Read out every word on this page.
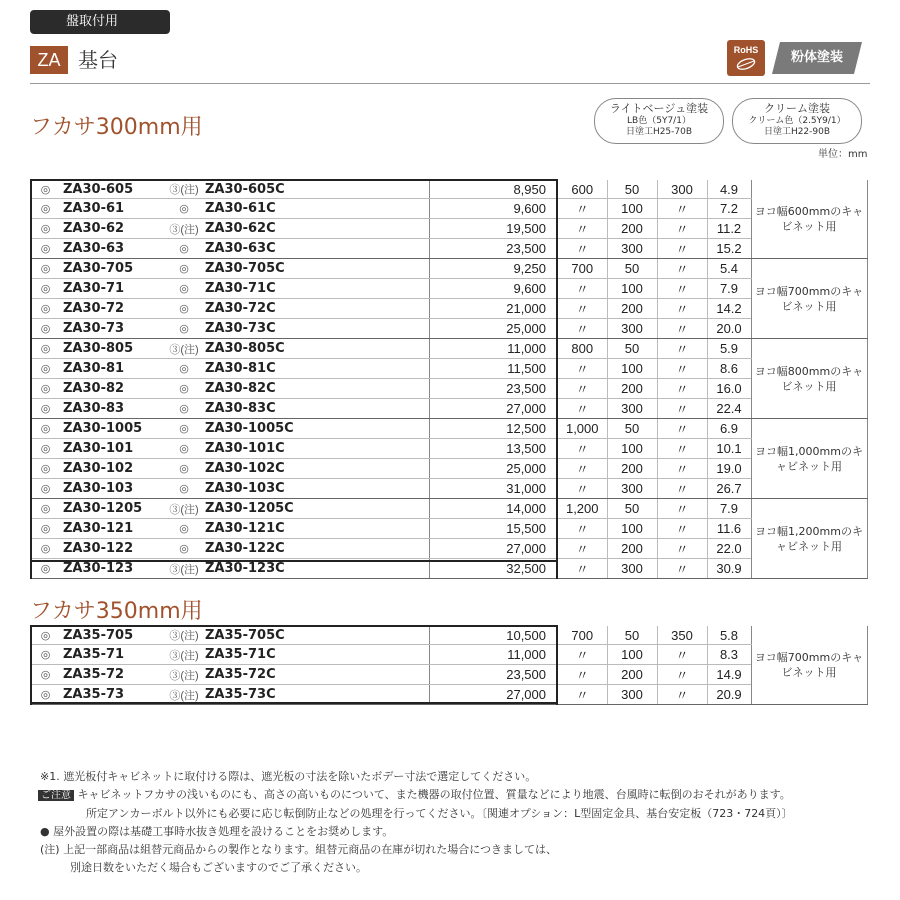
盤取付用
ZA 基台	RoHS	粉体塗装
フカサ300mm用
ライトベージュ塗装
LB色（5Y7/1）
日塗工H25-70B
クリーム塗装
クリーム色（2.5Y9/1）
日塗工H22-90B
単位：mm
◎	ZA30-605	③(注)	ZA30-605C	8,950	600	50	300	4.9	ヨコ幅600mmのキャビネット用
◎	ZA30-61	◎	ZA30-61C	9,600	〃	100	〃	7.2	
◎	ZA30-62	③(注)	ZA30-62C	19,500	〃	200	〃	11.2	
◎	ZA30-63	◎	ZA30-63C	23,500	〃	300	〃	15.2	
◎	ZA30-705	◎	ZA30-705C	9,250	700	50	〃	5.4	ヨコ幅700mmのキャビネット用
◎	ZA30-71	◎	ZA30-71C	9,600	〃	100	〃	7.9	
◎	ZA30-72	◎	ZA30-72C	21,000	〃	200	〃	14.2	
◎	ZA30-73	◎	ZA30-73C	25,000	〃	300	〃	20.0	
◎	ZA30-805	③(注)	ZA30-805C	11,000	800	50	〃	5.9	ヨコ幅800mmのキャビネット用
◎	ZA30-81	◎	ZA30-81C	11,500	〃	100	〃	8.6	
◎	ZA30-82	◎	ZA30-82C	23,500	〃	200	〃	16.0	
◎	ZA30-83	◎	ZA30-83C	27,000	〃	300	〃	22.4	
◎	ZA30-1005	◎	ZA30-1005C	12,500	1,000	50	〃	6.9	ヨコ幅1,000mmのキャビネット用
◎	ZA30-101	◎	ZA30-101C	13,500	〃	100	〃	10.1	
◎	ZA30-102	◎	ZA30-102C	25,000	〃	200	〃	19.0	
◎	ZA30-103	◎	ZA30-103C	31,000	〃	300	〃	26.7	
◎	ZA30-1205	③(注)	ZA30-1205C	14,000	1,200	50	〃	7.9	ヨコ幅1,200mmのキャビネット用
◎	ZA30-121	◎	ZA30-121C	15,500	〃	100	〃	11.6	
◎	ZA30-122	◎	ZA30-122C	27,000	〃	200	〃	22.0	
◎	ZA30-123	③(注)	ZA30-123C	32,500	〃	300	〃	30.9	
フカサ350mm用
◎	ZA35-705	③(注)	ZA35-705C	10,500	700	50	350	5.8	ヨコ幅700mmのキャビネット用
◎	ZA35-71	③(注)	ZA35-71C	11,000	〃	100	〃	8.3	
◎	ZA35-72	③(注)	ZA35-72C	23,500	〃	200	〃	14.9	
◎	ZA35-73	③(注)	ZA35-73C	27,000	〃	300	〃	20.9	
※1. 遮光板付キャビネットに取付ける際は、遮光板の寸法を除いたボデー寸法で選定してください。
ご注意 キャビネットフカサの浅いものにも、高さの高いものについて、また機器の取付位置、質量などにより地震、台風時に転倒のおそれがあります。
所定アンカーボルト以外にも必要に応じ転倒防止などの処理を行ってください。〔関連オプション：L型固定金具、基台安定板（723・724頁）〕
● 屋外設置の際は基礎工事時水抜き処理を設けることをお奨めします。
(注) 上記一部商品は組替元商品からの製作となります。組替元商品の在庫が切れた場合につきましては、
別途日数をいただく場合もございますのでご了承ください。
